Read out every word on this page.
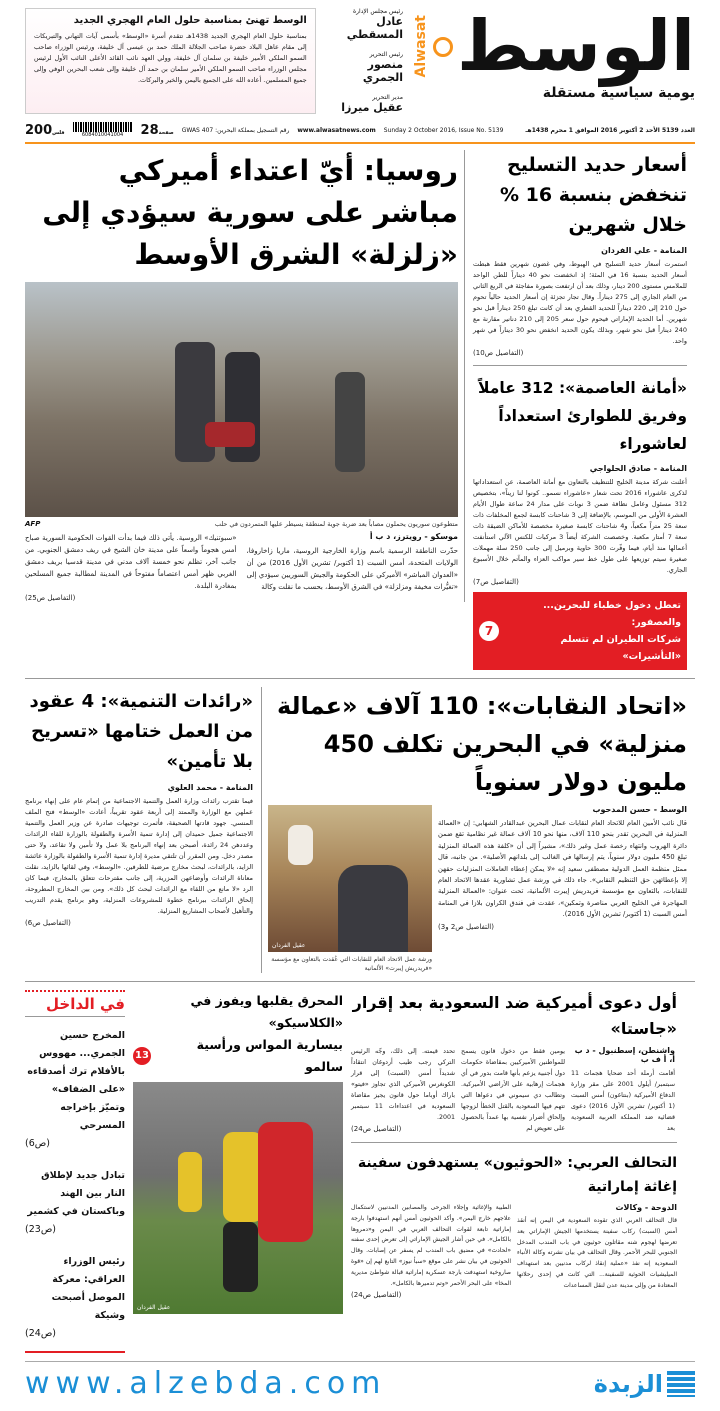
الوسط تهنئ بمناسبة حلول العام الهجري الجديد
بمناسبة حلول العام الهجري الجديد 1438هـ تتقدم أسرة «الوسط» بأسمى آيات التهاني والتبريكات إلى مقام عاهل البلاد حضرة صاحب الجلالة الملك حمد بن عيسى آل خليفة، ورئيس الوزراء صاحب السمو الملكي الأمير خليفة بن سلمان آل خليفة، وولي العهد نائب القائد الأعلى النائب الأول لرئيس مجلس الوزراء صاحب السمو الملكي الأمير سلمان بن حمد آل خليفة وإلى شعب البحرين الوفي وإلى جميع المسلمين. أعاده الله على الجميع باليمن والخير والبركات.
رئيس مجلس الإدارة
عادل المسقطي
رئيس التحرير
منصور الجمري
مدير التحرير
عقيل ميرزا
Alwasat الوسط
يومية سياسية مستقلة
200فلس	6084010041004 28صفحة رقم التسجيل بمملكة البحرين: GWAS 407 www.alwasatnews.com Sunday 2 October 2016, Issue No. 5139	العدد 5139 الأحد 2 أكتوبر 2016 الموافق 1 محرم 1438هـ
روسيا: أيّ اعتداء أميركي مباشر على سورية سيؤدي إلى «زلزلة» الشرق الأوسط
AFP	متطوعون سوريون يحملون مصاباً بعد ضربة جوية لمنطقة يسيطر عليها المتمردون في حلب
«سبوتنيك» الروسية. يأتي ذلك فيما بدأت القوات الحكومية السورية صباح أمس هجوماً واسعاً على مدينة خان الشيخ في ريف دمشق الجنوبي. من جانب آخر، تظلم نحو خمسة آلاف مدني في مدينة قدسيا بريف دمشق الغربي ظهر أمس اعتصاماً مفتوحاً في المدينة لمطالبة جميع المسلحين بمغادرة البلدة.
(التفاصيل ص25)
موسكو - رويترز، د ب أ
حذّرت الناطقة الرسمية باسم وزارة الخارجية الروسية، ماريا زاخاروفا، الولايات المتحدة، أمس السبت (1 أكتوبر/ تشرين الأول 2016) من أن «العدوان المباشر» الأميركي على الحكومة والجيش السوريين سيؤدي إلى «تغيُّرات مخيفة ومزلزلة» في الشرق الأوسط، بحسب ما نقلت وكالة
أسعار حديد التسليح تنخفض بنسبة 16 % خلال شهرين
المنامة - علي الفردان
استمرت أسعار حديد التسليح في الهبوط، وفي غضون شهرين فقط هبطت أسعار الحديد بنسبة 16 في المئة؛ إذ انخفضت نحو 40 ديناراً للطن الواحد للملامس مستوى 200 دينار، وذلك بعد أن ارتفعت بصورة مفاجئة في الربع الثاني من العام الجاري إلى 275 ديناراً. وقال تجار تجزئة إن أسعار الحديد حالياً تحوم حول 210 إلى 220 ديناراً للحديد القطري بعد أن كانت تبلغ 250 ديناراً قبل نحو شهرين. أما الحديد الإماراتي فيحوم حول سعر 205 إلى 210 دنانير مقارنة مع 240 ديناراً قبل نحو شهر، وبذلك يكون الحديد انخفض نحو 30 ديناراً في شهر واحد.
(التفاصيل ص10)
«أمانة العاصمة»: 312 عاملاً وفريق للطوارئ استعداداً لعاشوراء
المنامة - صادق الحلواجي
أعلنت شركة مدينة الخليج للتنظيف بالتعاون مع أمانة العاصمة، عن استعداداتها لذكرى عاشوراء 2016 تحت شعار «عاشوراء نسمو.. كونوا لنا زيناً»، بتخصيص 312 مسئول وعامل نظافة ضمن 3 نوبات على مدار 24 ساعة طوال الأيام العشرة الأولى من الموسم، بالإضافة إلى 3 شاحنات كابسة لجمع المخلفات ذات سعة 25 متراً مكعباً، و4 شاحنات كابسة صغيرة مخصصة للأماكن الضيقة ذات سعة 7 أمتار مكعبة. وخصصت الشركة أيضاً 3 مركبات للكنس الآلي استأنفت أعمالها منذ أيام، فيما وفّرت 300 حاوية وبرميل إلى جانب 250 سلة مهملات صغيرة سيتم توزيعها على طول خط سير مواكب العزاء والمآتم خلال الأسبوع الجاري.
(التفاصيل ص7)
7
تعطل دخول خطباء للبحرين... والعصفور:
شركات الطيران لم تتسلم «التأشيرات»
«رائدات التنمية»: 4 عقود من العمل ختامها «تسريح بلا تأمين»
المنامة - محمد العلوي
فيما تقترب رائدات وزارة العمل والتنمية الاجتماعية من إتمام عام على إنهاء برنامج عملهن مع الوزارة والممتد إلى أربعة عقود تقريباً، أعادت «الوسط» فتح الملف المنسي. جهود قادتها الصحيفة، فأثمرت توجيهات صادرة عن وزير العمل والتنمية الاجتماعية جميل حميدان إلى إدارة تنمية الأسرة والطفولة بالوزارة للقاء الرائدات وعددهن 24 رائدة، أصبحن بعد إنهاء البرنامج بلا عمل ولا تأمين ولا تقاعد، ولا حتى مصدر دخل. ومن المقرر أن تلتقي مديرة إدارة تنمية الأسرة والطفولة بالوزارة عائشة الزايد، بالرائدات، لبحث مخارج مرضية للطرفين. «الوسط»، وفي لقائها بالزايد، نقلت معاناة الرائدات وأوضاعهن المزرية، إلى جانب مقترحات تتعلق بالمخارج، فيما كان الرد «لا مانع من اللقاء مع الرائدات لبحث كل ذلك». ومن بين المخارج المطروحة، إلحاق الرائدات ببرنامج خطوة للمشروعات المنزلية، وهو برنامج يقدم التدريب والتأهيل لأصحاب المشاريع المنزلية.
(التفاصيل ص6)
«اتحاد النقابات»: 110 آلاف «عمالة منزلية» في البحرين تكلف 450 مليون دولار سنوياً
عقيل الفردان
ورشة عمل الاتحاد العام للنقابات التي عُقدت بالتعاون مع مؤسسة «فريدريش إيبرت» الألمانية
الوسط - حسن المدحوب
قال نائب الأمين العام للاتحاد العام لنقابات عمال البحرين عبدالقادر الشهابي: إن «العمالة المنزلية في البحرين تقدر بنحو 110 آلاف، منها نحو 10 آلاف عمالة غير نظامية تقع ضمن دائرة الهروب وانتهاء رخصة عمل وغير ذلك»، مشيراً إلى أن «كلفة هذه العمالة المنزلية تبلغ 450 مليون دولار سنوياً، يتم إرسالها في الغالب إلى بلدانهم الأصلية». من جانبه، قال ممثل منظمة العمل الدولية مصطفى سعيد إنه «لا يمكن إعطاء العاملات المنزليات حقهن إلا بإعطائهن حق التنظيم النقابي». جاء ذلك في ورشة عمل تشاورية عقدها الاتحاد العام للنقابات، بالتعاون مع مؤسسة فريدريش إيبرت الألمانية، تحت عنوان: «العمالة المنزلية المهاجرة في الخليج العربي مناصرة وتمكين»، عقدت في فندق الكراون بلازا في المنامة أمس السبت (1 أكتوبر/ تشرين الأول 2016).
(التفاصيل ص2 و3)
في الداخل
المخرج حسين الجمري... مهووس بالأفلام ترك أصدقاءه «على الضفاف» وتميّز بإخراجه المسرحي
(ص6)
تبادل جديد لإطلاق النار بين الهند وباكستان في كشمير
(ص23)
رئيس الوزراء العراقي: معركة الموصل أصبحت وشيكة
(ص24)
المحرق يقلبها ويفوز في «الكلاسيكو»
13
بيسارية المواس ورأسية سالمو
عقيل الفردان
أول دعوى أميركية ضد السعودية بعد إقرار «جاستا»
تحدد قيمته. إلى ذلك، وجّه الرئيس التركي رجب طيب أردوغان انتقاداً شديداً أمس (السبت) إلى قرار الكونغرس الأميركي الذي تجاوز «فيتو» باراك أوباما حول قانون يجيز مقاضاة السعودية في اعتداءات 11 سبتمبر 2001.
(التفاصيل ص24)
يومين فقط من دخول قانون يسمح للمواطنين الأميركيين بمقاضاة حكومات دول أجنبية يزعم بأنها قامت بدور في أي هجمات إرهابية على الأراضي الأميركية. وتطالب دي سيموني في دعواها التي تتهم فيها السعودية بالقتل الخطأ لزوجها وإلحاق أضرار نفسية بها عمداً بالحصول على تعويض لم
واشنطن، إسطنبول - د ب أ، أ ف ب
أقامت أرملة أحد ضحايا هجمات 11 سبتمبر/ أيلول 2001 على مقر وزارة الدفاع الأميركية (بنتاغون) أمس السبت (1 أكتوبر/ تشرين الأول 2016) دعوى قضائية ضد المملكة العربية السعودية بعد
التحالف العربي: «الحوثيون» يستهدفون سفينة إغاثة إماراتية
الطبية والإغاثية وإجلاء الجرحى والمصابين المدنيين لاستكمال علاجهم خارج اليمن». وأكد الحوثيون أمس أنهم استهدفوا بارجة إماراتية تابعة لقوات التحالف العربي في اليمن و«دمروها بالكامل». في حين أشار الجيش الإماراتي إلى تعرض إحدى سفنه «لحادث» في مضيق باب المندب لم يسفر عن إصابات. وقال الحوثيون في بيان نشر على موقع «سبأ نيوز» التابع لهم إن «قوة صاروخية استهدفت بارجة عسكرية إماراتية قبالة شواطئ مديرية المخا» على البحر الأحمر «وتم تدميرها بالكامل».
(التفاصيل ص24)
الدوحة - وكالات
قال التحالف العربي الذي تقوده السعودية في اليمن إنه أنقذ أمس (السبت) ركاب سفينة يستخدمها الجيش الإماراتي بعد تعرضها لهجوم شنه مقاتلون حوثيون في باب المندب المدخل الجنوبي للبحر الأحمر. وقال التحالف في بيان نشرته وكالة الأنباء السعودية إنه نفذ «عملية إنقاذ لركاب مدنيين بعد استهداف الميليشيات الحوثية للسفينة... التي كانت في إحدى رحلاتها المعتادة من وإلى مدينة عدن لنقل المساعدات
www.alzebda.com	الزبدة
